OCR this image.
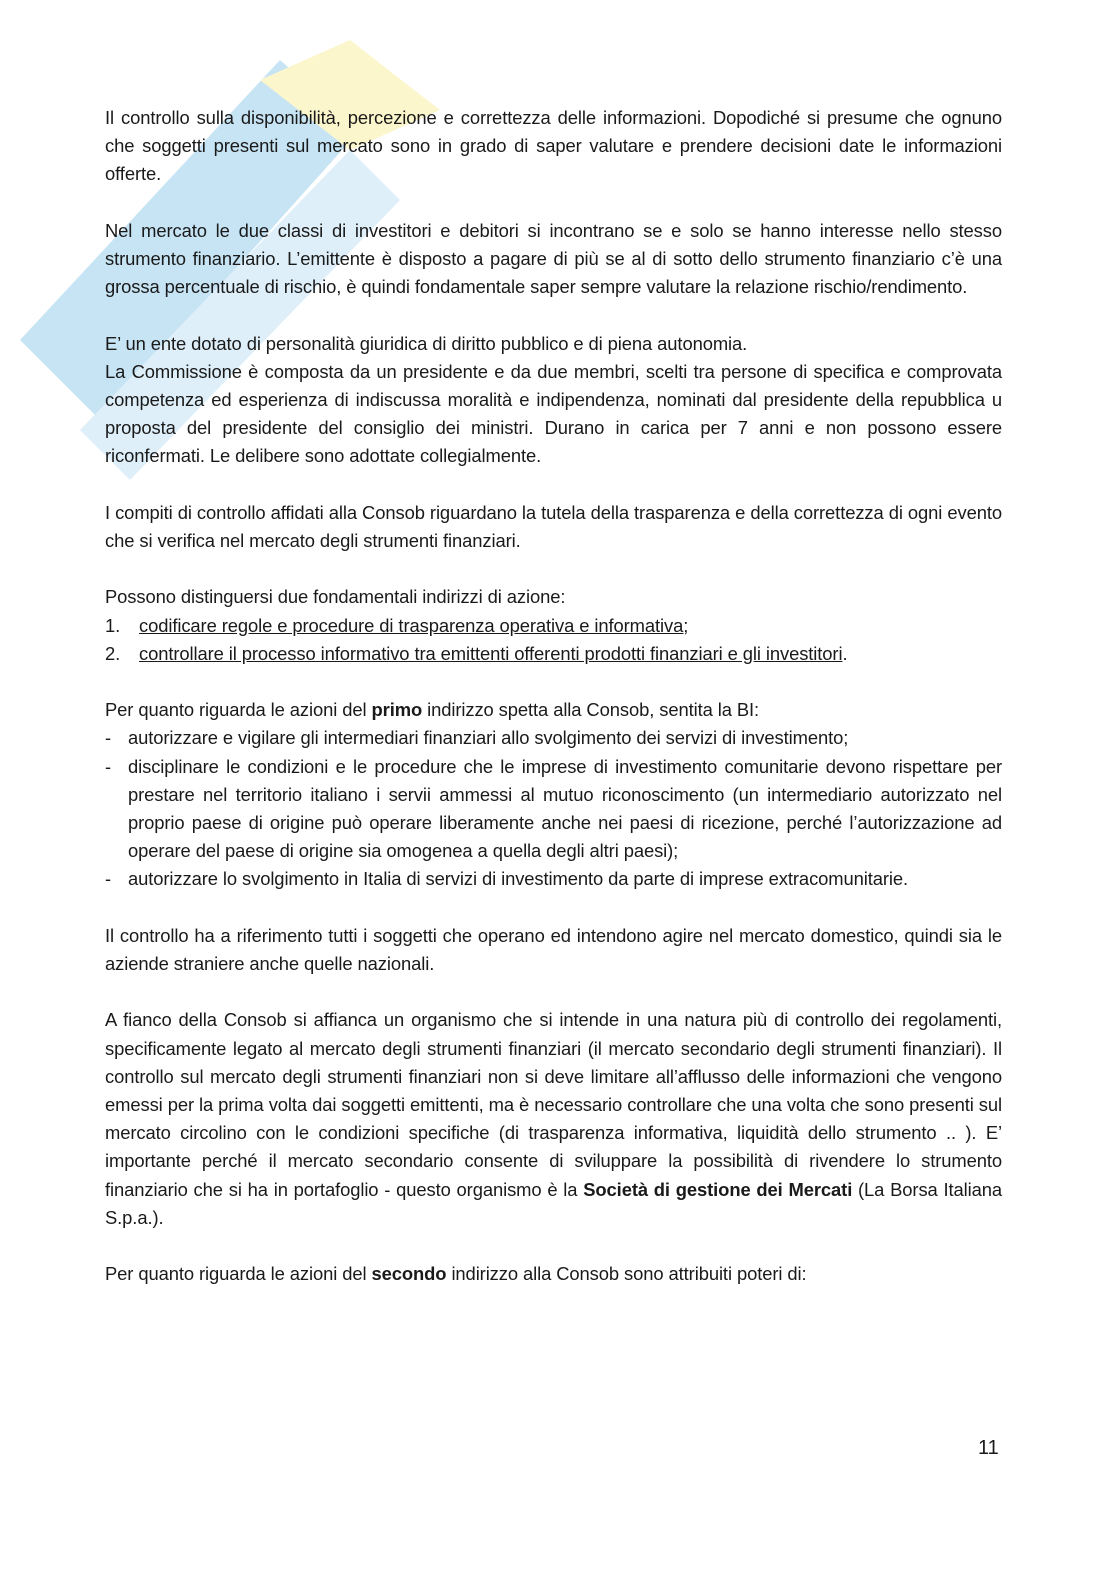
Il controllo sulla disponibilità, percezione e correttezza delle informazioni. Dopodiché si presume che ognuno che soggetti presenti sul mercato sono in grado di saper valutare e prendere decisioni date le informazioni offerte.

Nel mercato le due classi di investitori e debitori si incontrano se e solo se hanno interesse nello stesso strumento finanziario. L’emittente è disposto a pagare di più se al di sotto dello strumento finanziario c’è una grossa percentuale di rischio, è quindi fondamentale saper sempre valutare la relazione rischio/rendimento.

E’ un ente dotato di personalità giuridica di diritto pubblico e di piena autonomia.

La Commissione è composta da un presidente e da due membri, scelti tra persone di specifica e comprovata competenza ed esperienza di indiscussa moralità e indipendenza, nominati dal presidente della repubblica u proposta del presidente del consiglio dei ministri. Durano in carica per 7 anni e non possono essere riconfermati. Le delibere sono adottate collegialmente.

I compiti di controllo affidati alla Consob riguardano la tutela della trasparenza e della correttezza di ogni evento che si verifica nel mercato degli strumenti finanziari.

Possono distinguersi due fondamentali indirizzi di azione:

1. codificare regole e procedure di trasparenza operativa e informativa;
2. controllare il processo informativo tra emittenti offerenti prodotti finanziari e gli investitori.

Per quanto riguarda le azioni del primo indirizzo spetta alla Consob, sentita la BI:

- autorizzare e vigilare gli intermediari finanziari allo svolgimento dei servizi di investimento;
- disciplinare le condizioni e le procedure che le imprese di investimento comunitarie devono rispettare per prestare nel territorio italiano i servii ammessi al mutuo riconoscimento (un intermediario autorizzato nel proprio paese di origine può operare liberamente anche nei paesi di ricezione, perché l’autorizzazione ad operare del paese di origine sia omogenea a quella degli altri paesi);
- autorizzare lo svolgimento in Italia di servizi di investimento da parte di imprese extracomunitarie.

Il controllo ha a riferimento tutti i soggetti che operano ed intendono agire nel mercato domestico, quindi sia le aziende straniere anche quelle nazionali.

A fianco della Consob si affianca un organismo che si intende in una natura più di controllo dei regolamenti, specificamente legato al mercato degli strumenti finanziari (il mercato secondario degli strumenti finanziari). Il controllo sul mercato degli strumenti finanziari non si deve limitare all’afflusso delle informazioni che vengono emessi per la prima volta dai soggetti emittenti, ma è necessario controllare che una volta che sono presenti sul mercato circolino con le condizioni specifiche (di trasparenza informativa, liquidità dello strumento .. ). E’ importante perché il mercato secondario consente di sviluppare la possibilità di rivendere lo strumento finanziario che si ha in portafoglio - questo organismo è la Società di gestione dei Mercati (La Borsa Italiana S.p.a.).

Per quanto riguarda le azioni del secondo indirizzo alla Consob sono attribuiti poteri di:

11
